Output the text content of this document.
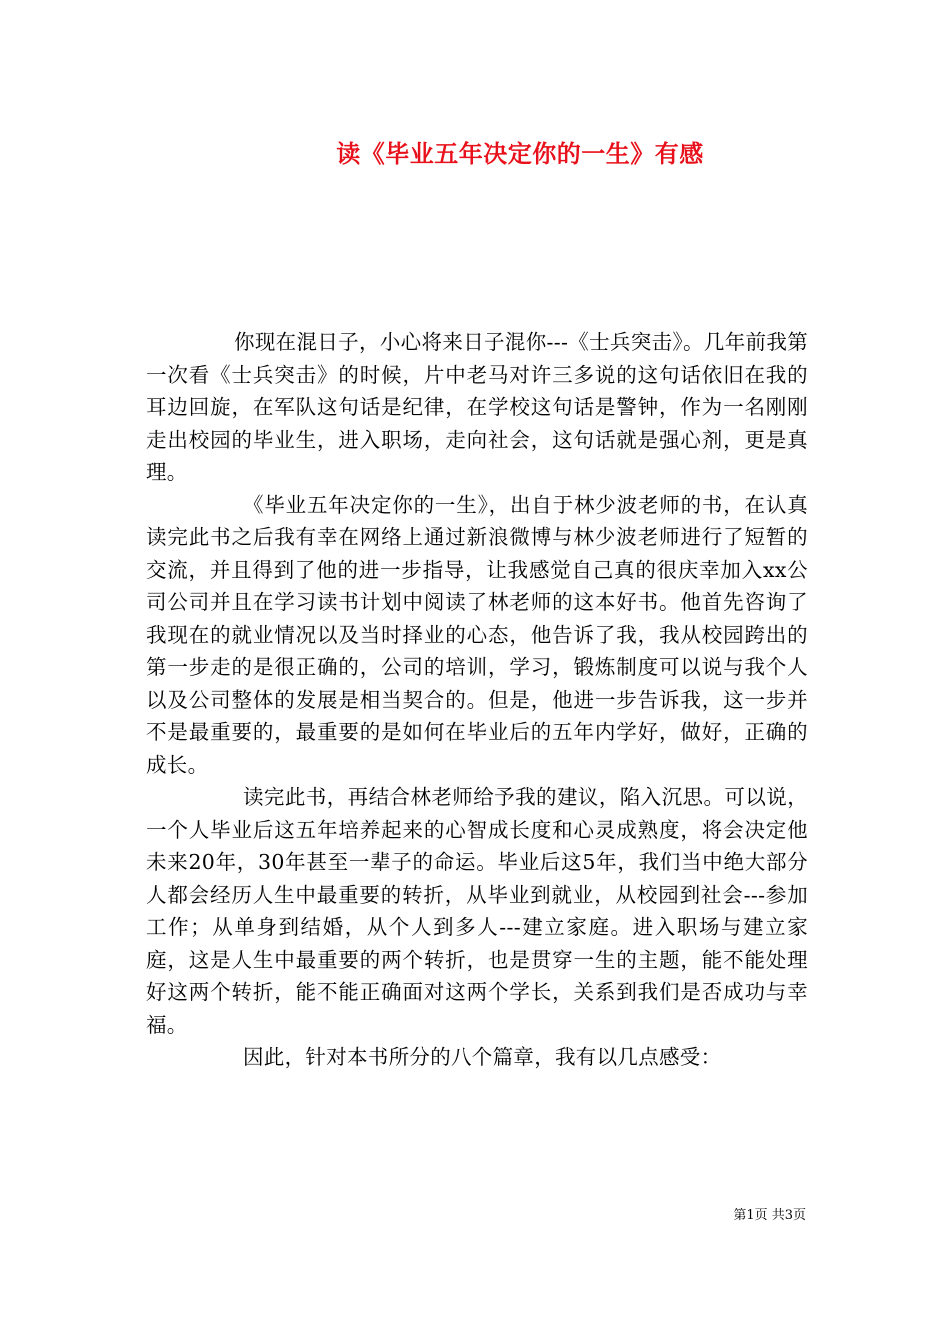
读《毕业五年决定你的一生》有感

你现在混日子，小心将来日子混你---《士兵突击》。几年前我第一次看《士兵突击》的时候，片中老马对许三多说的这句话依旧在我的耳边回旋，在军队这句话是纪律，在学校这句话是警钟，作为一名刚刚走出校园的毕业生，进入职场，走向社会，这句话就是强心剂，更是真理。

《毕业五年决定你的一生》，出自于林少波老师的书，在认真读完此书之后我有幸在网络上通过新浪微博与林少波老师进行了短暂的交流，并且得到了他的进一步指导，让我感觉自己真的很庆幸加入xx公司公司并且在学习读书计划中阅读了林老师的这本好书。他首先咨询了我现在的就业情况以及当时择业的心态，他告诉了我，我从校园跨出的第一步走的是很正确的，公司的培训，学习，锻炼制度可以说与我个人以及公司整体的发展是相当契合的。但是，他进一步告诉我，这一步并不是最重要的，最重要的是如何在毕业后的五年内学好，做好，正确的成长。

读完此书，再结合林老师给予我的建议，陷入沉思。可以说，一个人毕业后这五年培养起来的心智成长度和心灵成熟度，将会决定他未来20年，30年甚至一辈子的命运。毕业后这5年，我们当中绝大部分人都会经历人生中最重要的转折，从毕业到就业，从校园到社会---参加工作；从单身到结婚，从个人到多人---建立家庭。进入职场与建立家庭，这是人生中最重要的两个转折，也是贯穿一生的主题，能不能处理好这两个转折，能不能正确面对这两个学长，关系到我们是否成功与幸福。

因此，针对本书所分的八个篇章，我有以几点感受：

第1页 共3页
